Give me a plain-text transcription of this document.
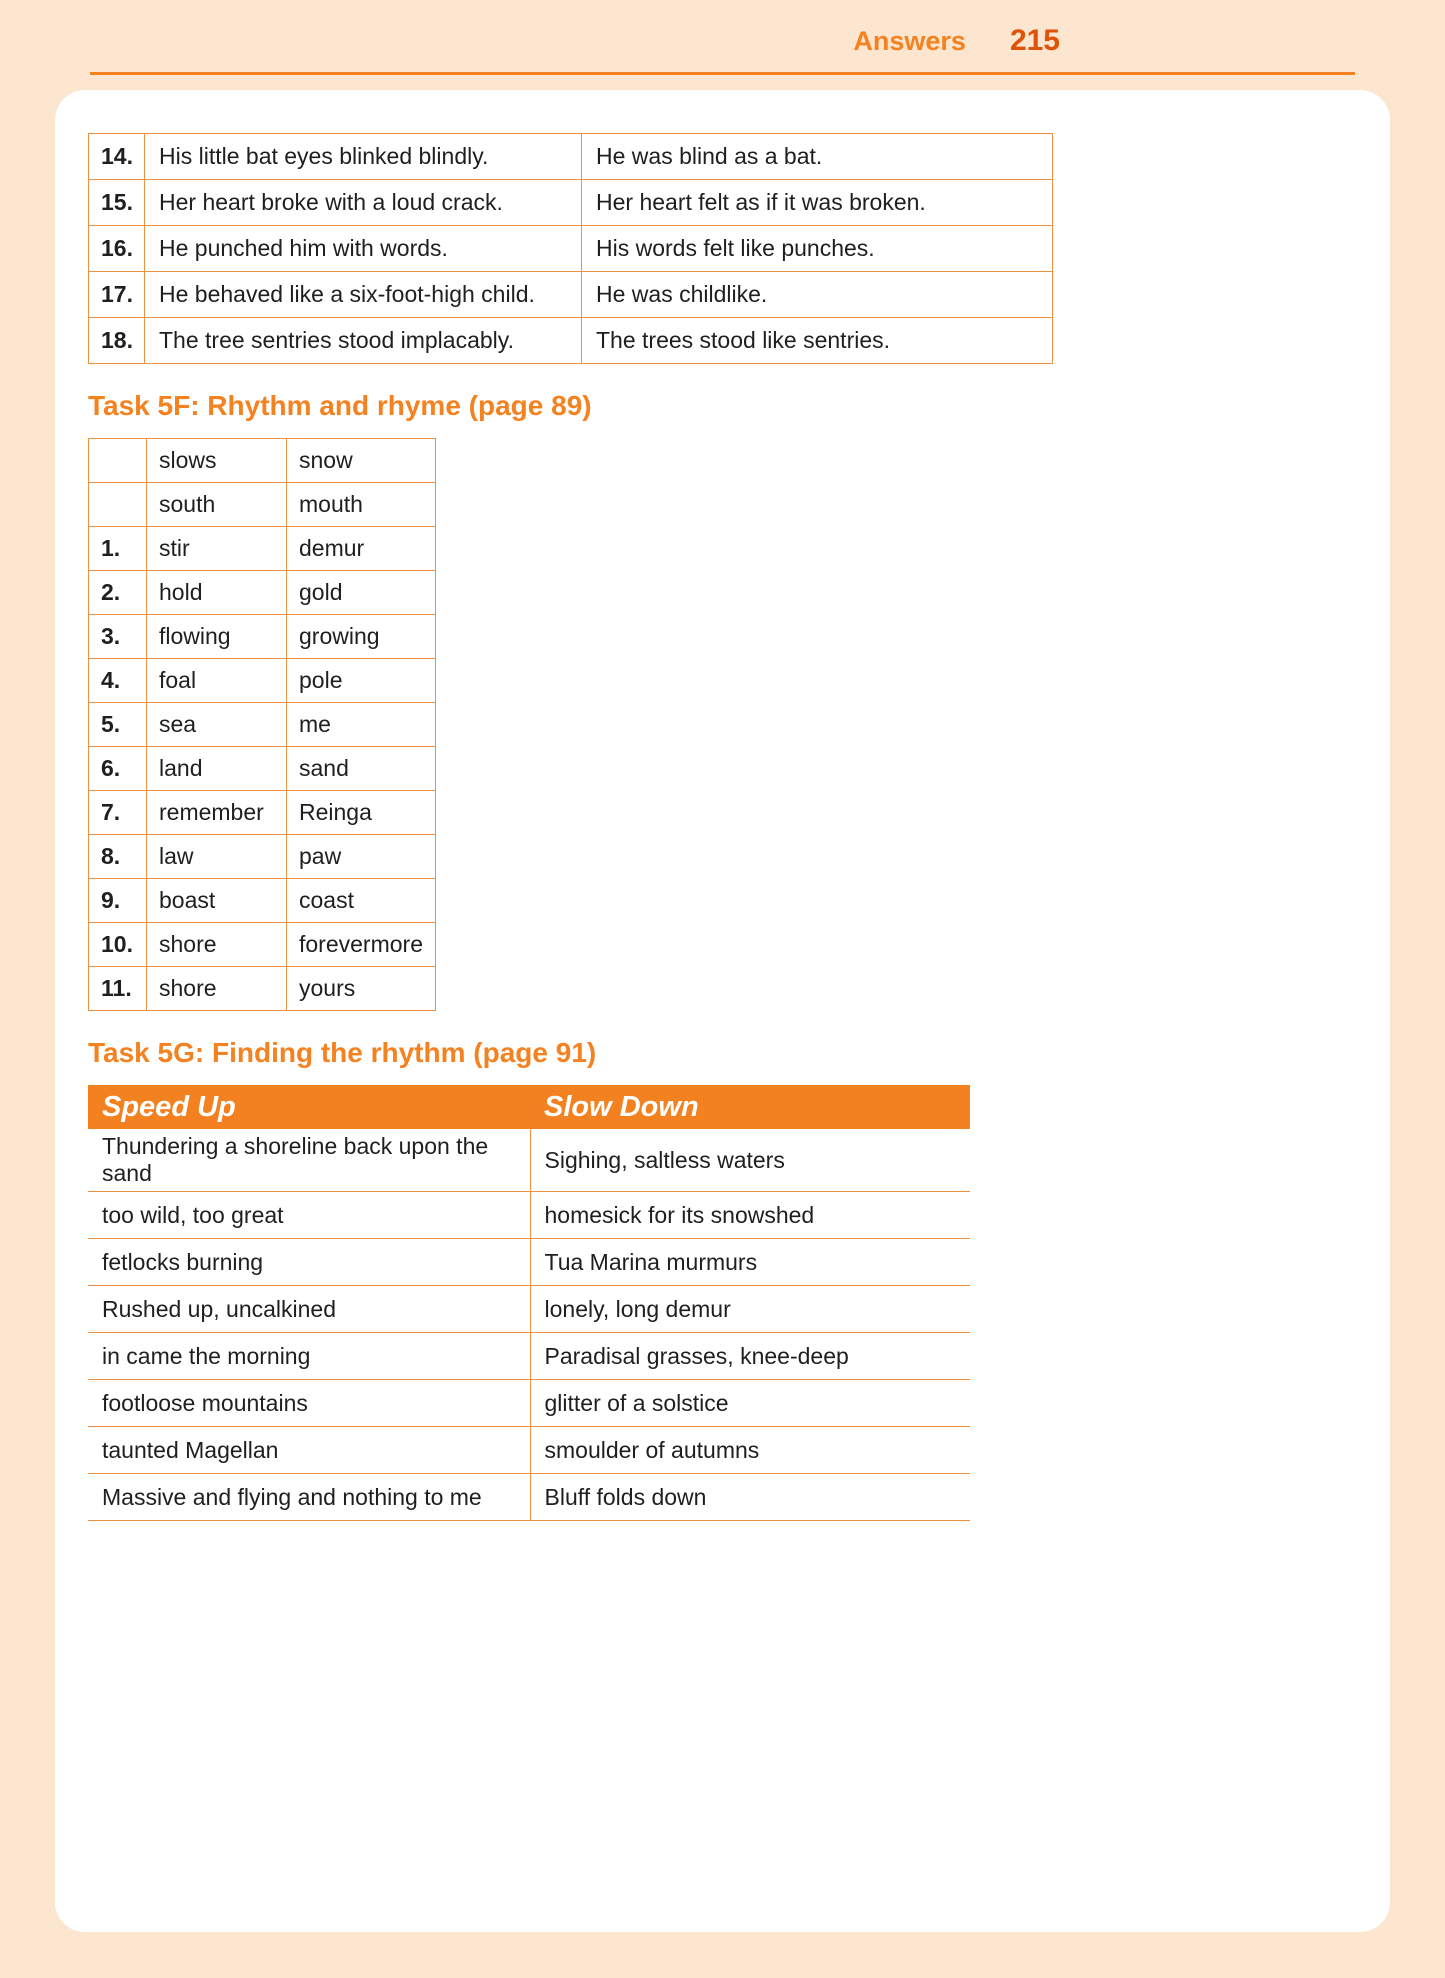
Answers 215
14.	His little bat eyes blinked blindly.	He was blind as a bat.
15.	Her heart broke with a loud crack.	Her heart felt as if it was broken.
16.	He punched him with words.	His words felt like punches.
17.	He behaved like a six-foot-high child.	He was childlike.
18.	The tree sentries stood implacably.	The trees stood like sentries.
Task 5F: Rhythm and rhyme (page 89)
	slows	snow
	south	mouth
1.	stir	demur
2.	hold	gold
3.	flowing	growing
4.	foal	pole
5.	sea	me
6.	land	sand
7.	remember	Reinga
8.	law	paw
9.	boast	coast
10.	shore	forevermore
11.	shore	yours
Task 5G: Finding the rhythm (page 91)
Speed Up	Slow Down
Thundering a shoreline back upon the sand	Sighing, saltless waters
too wild, too great	homesick for its snowshed
fetlocks burning	Tua Marina murmurs
Rushed up, uncalkined	lonely, long demur
in came the morning	Paradisal grasses, knee-deep
footloose mountains	glitter of a solstice
taunted Magellan	smoulder of autumns
Massive and flying and nothing to me	Bluff folds down
